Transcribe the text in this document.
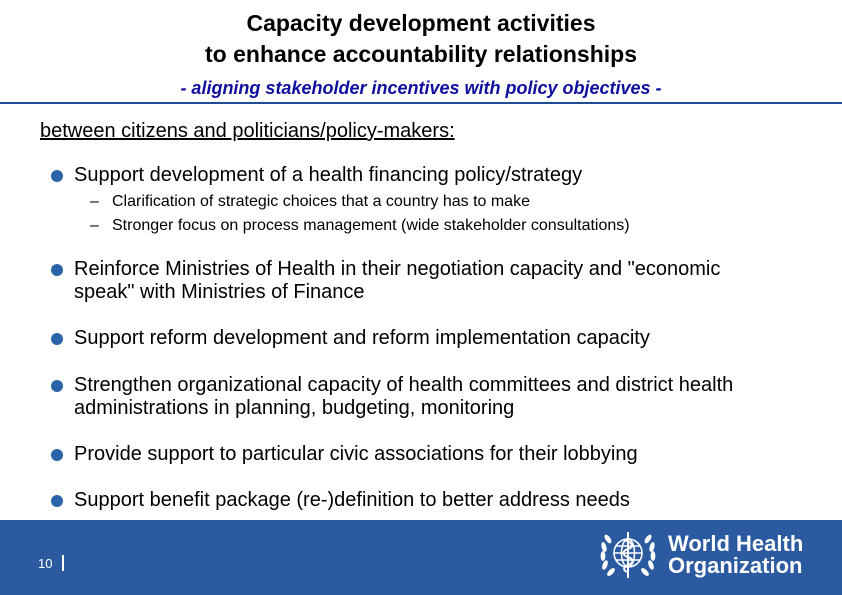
Capacity development activities
to enhance accountability relationships
- aligning stakeholder incentives with policy objectives -
between citizens and politicians/policy-makers:
Support development of a health financing policy/strategy
– Clarification of strategic choices that a country has to make
– Stronger focus on process management (wide stakeholder consultations)
Reinforce Ministries of Health in their negotiation capacity and "economic speak" with Ministries of Finance
Support reform development and reform implementation capacity
Strengthen organizational capacity of health committees and district health administrations in planning, budgeting, monitoring
Provide support to particular civic associations for their lobbying
Support benefit package (re-)definition to better address needs
10
World Health
Organization
